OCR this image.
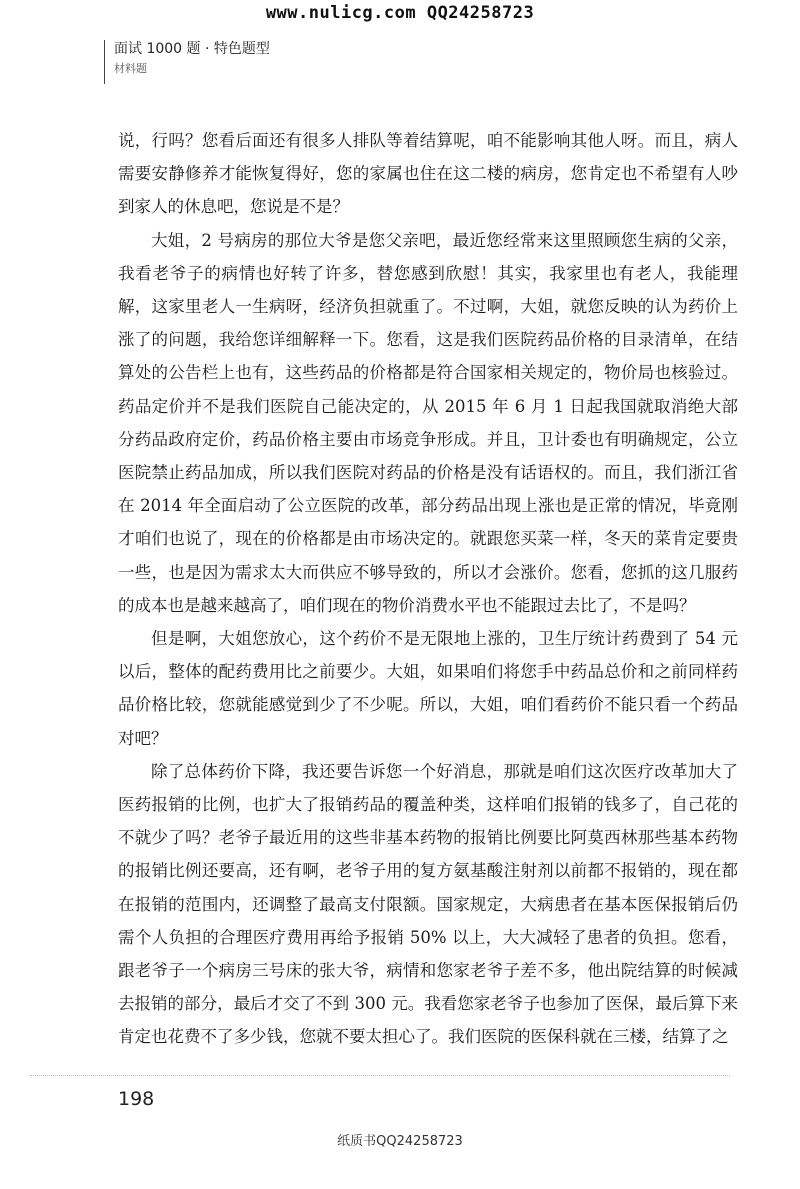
www.nulicg.com QQ24258723
面试 1000 题 · 特色题型
材料题

说，行吗？您看后面还有很多人排队等着结算呢，咱不能影响其他人呀。而且，病人需要安静修养才能恢复得好，您的家属也住在这二楼的病房，您肯定也不希望有人吵到家人的休息吧，您说是不是？

大姐，2 号病房的那位大爷是您父亲吧，最近您经常来这里照顾您生病的父亲，我看老爷子的病情也好转了许多，替您感到欣慰！其实，我家里也有老人，我能理解，这家里老人一生病呀，经济负担就重了。不过啊，大姐，就您反映的认为药价上涨了的问题，我给您详细解释一下。您看，这是我们医院药品价格的目录清单，在结算处的公告栏上也有，这些药品的价格都是符合国家相关规定的，物价局也核验过。药品定价并不是我们医院自己能决定的，从 2015 年 6 月 1 日起我国就取消绝大部分药品政府定价，药品价格主要由市场竞争形成。并且，卫计委也有明确规定，公立医院禁止药品加成，所以我们医院对药品的价格是没有话语权的。而且，我们浙江省在 2014 年全面启动了公立医院的改革，部分药品出现上涨也是正常的情况，毕竟刚才咱们也说了，现在的价格都是由市场决定的。就跟您买菜一样，冬天的菜肯定要贵一些，也是因为需求太大而供应不够导致的，所以才会涨价。您看，您抓的这几服药的成本也是越来越高了，咱们现在的物价消费水平也不能跟过去比了，不是吗？

但是啊，大姐您放心，这个药价不是无限地上涨的，卫生厅统计药费到了 54 元以后，整体的配药费用比之前要少。大姐，如果咱们将您手中药品总价和之前同样药品价格比较，您就能感觉到少了不少呢。所以，大姐，咱们看药价不能只看一个药品对吧？

除了总体药价下降，我还要告诉您一个好消息，那就是咱们这次医疗改革加大了医药报销的比例，也扩大了报销药品的覆盖种类，这样咱们报销的钱多了，自己花的不就少了吗？老爷子最近用的这些非基本药物的报销比例要比阿莫西林那些基本药物的报销比例还要高，还有啊，老爷子用的复方氨基酸注射剂以前都不报销的，现在都在报销的范围内，还调整了最高支付限额。国家规定，大病患者在基本医保报销后仍需个人负担的合理医疗费用再给予报销 50% 以上，大大减轻了患者的负担。您看，跟老爷子一个病房三号床的张大爷，病情和您家老爷子差不多，他出院结算的时候减去报销的部分，最后才交了不到 300 元。我看您家老爷子也参加了医保，最后算下来肯定也花费不了多少钱，您就不要太担心了。我们医院的医保科就在三楼，结算了之

198
纸质书QQ24258723
